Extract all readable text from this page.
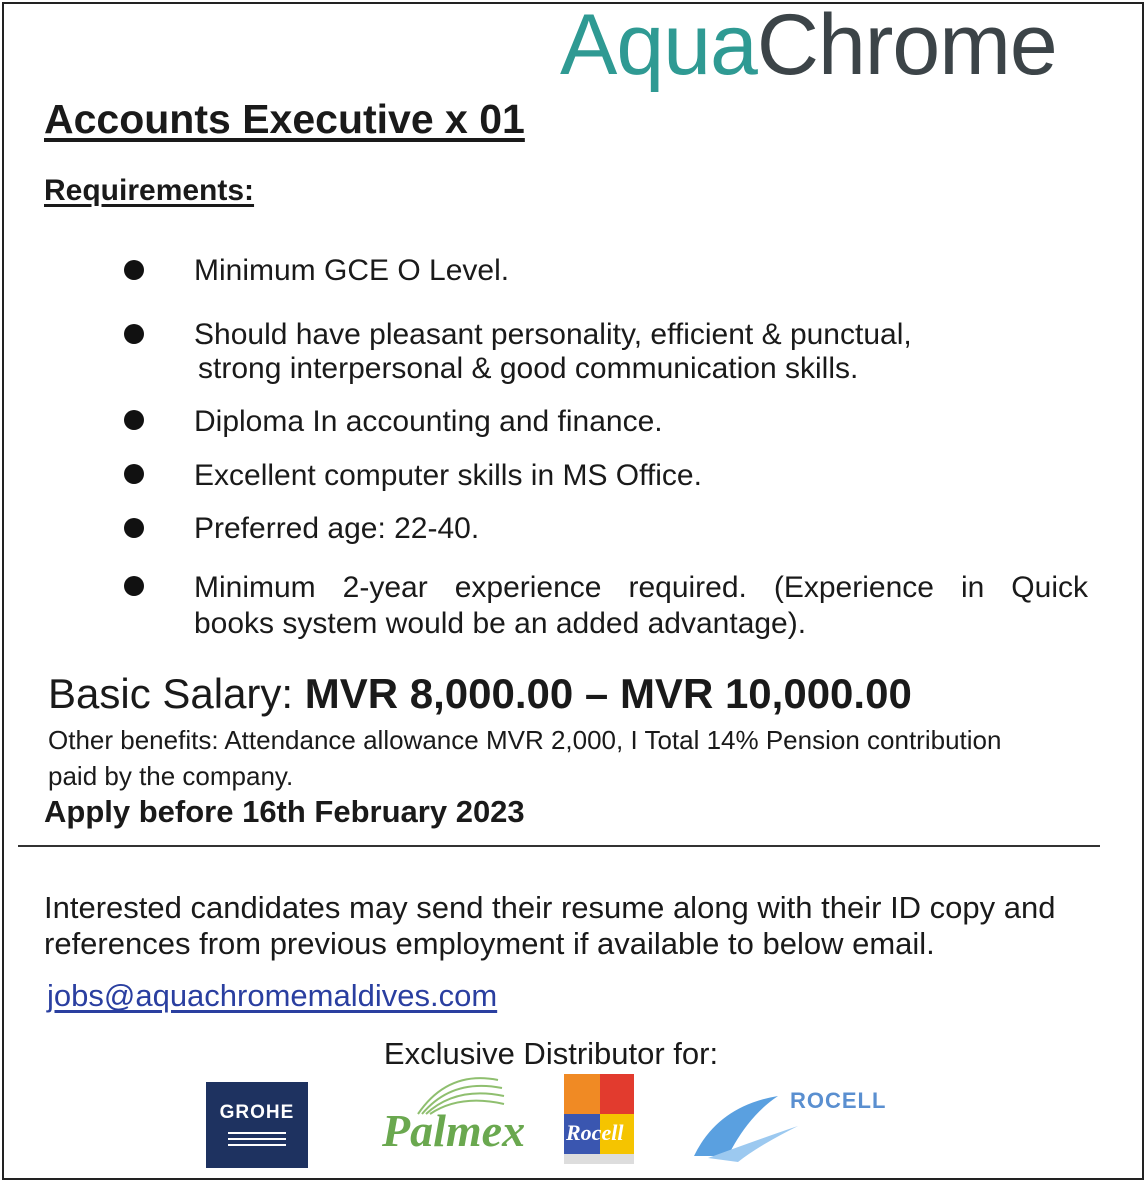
AquaChrome
Accounts Executive x 01
Requirements:
Minimum GCE O Level.
Should have pleasant personality, efficient & punctual,
strong interpersonal & good communication skills.
Diploma In accounting and finance.
Excellent computer skills in MS Office.
Preferred age: 22-40.
Minimum 2-year experience required. (Experience in Quick
books system would be an added advantage).
Basic Salary: MVR 8,000.00 – MVR 10,000.00
Other benefits: Attendance allowance MVR 2,000, I Total 14% Pension contribution paid by the company.
Apply before 16th February 2023
Interested candidates may send their resume along with their ID copy and references from previous employment if available to below email.
jobs@aquachromemaldives.com
Exclusive Distributor for:
GROHE Palmex Rocell
ROCELL
